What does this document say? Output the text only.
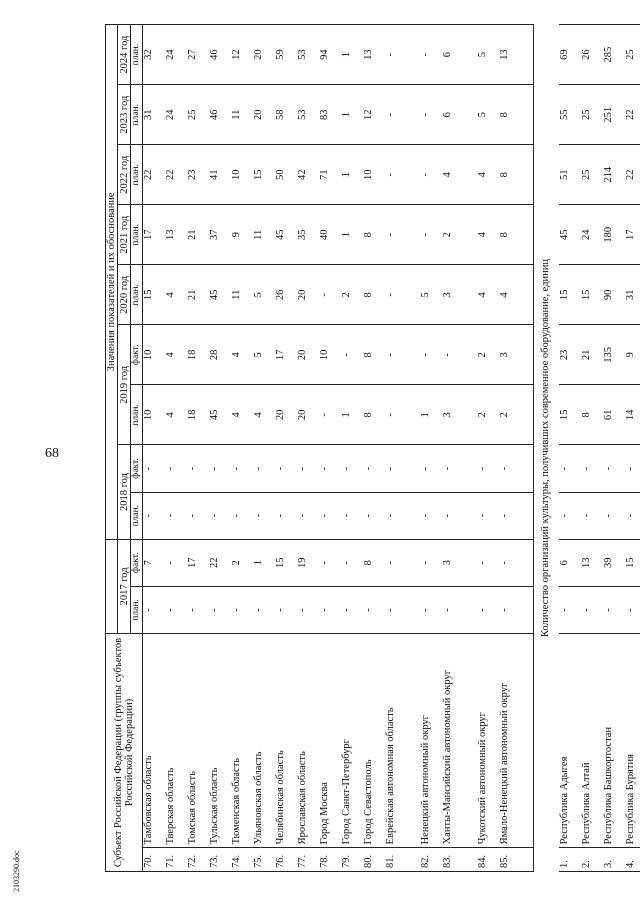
68
2103290.doc
Субъект Российской Федерации (группы субъектов Российской Федерации)				Значения показателей и их обоснование								
		2017 год		2018 год		2019 год		2020 год	2021 год	2022 год	2023 год	2024 год
		план.	факт.	план.	факт.	план.	факт.	план.	план.	план.	план.	план.
70.	Тамбовская область	-	7	-	-	10	10	15	17	22	31	32
71.	Тверская область	-	-	-	-	4	4	4	13	22	24	24
72.	Томская область	-	17	-	-	18	18	21	21	23	25	27
73.	Тульская область	-	22	-	-	45	28	45	37	41	46	46
74.	Тюменская область	-	2	-	-	4	4	11	9	10	11	12
75.	Ульяновская область	-	1	-	-	4	5	5	11	15	20	20
76.	Челябинская область	-	15	-	-	20	17	26	45	50	58	59
77.	Ярославская область	-	19	-	-	20	20	20	35	42	53	53
78.	Город Москва	-	-	-	-	-	10	-	40	71	83	94
79.	Город Санкт-Петербург	-	-	-	-	1	-	2	1	1	1	1
80.	Город Севастополь	-	8	-	-	8	8	8	8	10	12	13
81.	Еврейская автономная область	-	-	-	-	-	-	-	-	-	-	-
82.	Ненецкий автономный округ	-	-	-	-	1	-	5	-	-	-	-
83.	Ханты-Мансийский автономный округ	-	3	-	-	3	-	3	2	4	6	6
84.	Чукотский автономный округ	-	-	-	-	2	2	4	4	4	5	5
85.	Ямало-Ненецкий автономный округ	-	-	-	-	2	3	4	8	8	8	13
Количество организаций культуры, получивших современное оборудование, единиц												
1.	Республика Адыгея	-	6	-	-	15	23	15	45	51	55	69
2.	Республика Алтай	-	13	-	-	8	21	15	24	25	25	26
3.	Республика Башкортостан	-	39	-	-	61	135	90	180	214	251	285
4.	Республика Бурятия	-	15	-	-	14	9	31	17	22	22	25
